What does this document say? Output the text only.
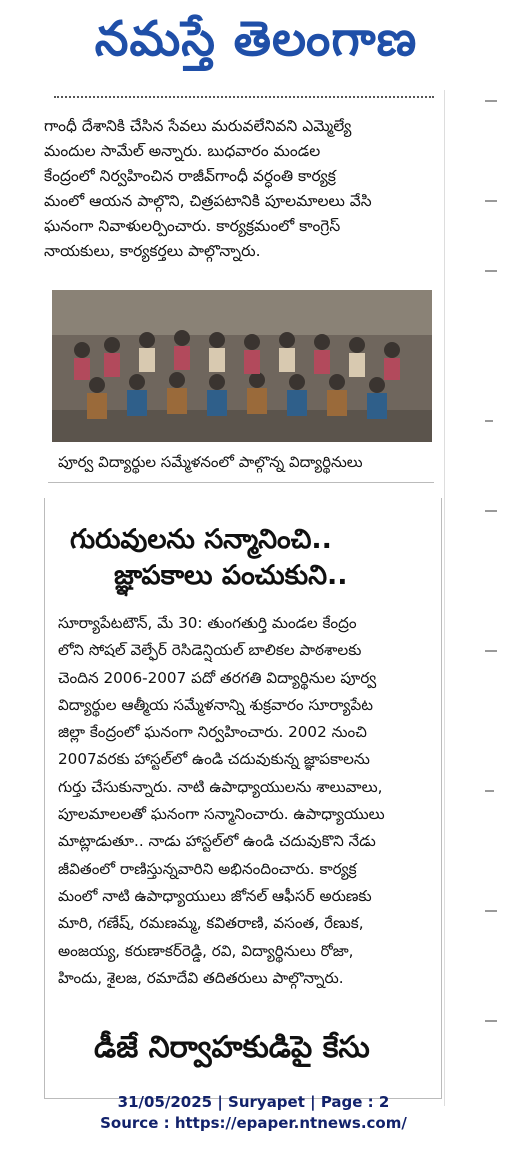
నమస్తే తెలంగాణ
గాంధీ దేశానికి చేసిన సేవలు మరువలేనివని ఎమ్మెల్యే
మందుల సామేల్ అన్నారు. బుధవారం మండల
కేంద్రంలో నిర్వహించిన రాజీవ్‌గాంధీ వర్ధంతి కార్యక్ర
మంలో ఆయన పాల్గొని, చిత్రపటానికి పూలమాలలు వేసి
ఘనంగా నివాళులర్పించారు. కార్యక్రమంలో కాంగ్రెస్
నాయకులు, కార్యకర్తలు పాల్గొన్నారు.
పూర్వ విద్యార్థుల సమ్మేళనంలో పాల్గొన్న విద్యార్థినులు
గురువులను సన్మానించి..
జ్ఞాపకాలు పంచుకుని..
సూర్యాపేటటౌన్, మే 30: తుంగతుర్తి మండల కేంద్రం
లోని సోషల్ వెల్ఫేర్ రెసిడెన్షియల్ బాలికల పాఠశాలకు
చెందిన 2006-2007 పదో తరగతి విద్యార్థినుల పూర్వ
విద్యార్థుల ఆత్మీయ సమ్మేళనాన్ని శుక్రవారం సూర్యాపేట
జిల్లా కేంద్రంలో ఘనంగా నిర్వహించారు. 2002 నుంచి
2007వరకు హాస్టల్‌లో ఉండి చదువుకున్న జ్ఞాపకాలను
గుర్తు చేసుకున్నారు. నాటి ఉపాధ్యాయులను శాలువాలు,
పూలమాలలతో ఘనంగా సన్మానించారు. ఉపాధ్యాయులు
మాట్లాడుతూ.. నాడు హాస్టల్‌లో ఉండి చదువుకొని నేడు
జీవితంలో రాణిస్తున్నవారిని అభినందించారు. కార్యక్ర
మంలో నాటి ఉపాధ్యాయులు జోనల్ ఆఫీసర్ అరుణకు
మారి, గణేష్, రమణమ్మ, కవితరాణి, వసంత, రేణుక,
అంజయ్య, కరుణాకర్‌రెడ్డి, రవి, విద్యార్థినులు రోజా,
హిందు, శైలజ, రమాదేవి తదితరులు పాల్గొన్నారు.
డీజే నిర్వాహకుడిపై కేసు
31/05/2025 | Suryapet | Page : 2
Source : https://epaper.ntnews.com/
